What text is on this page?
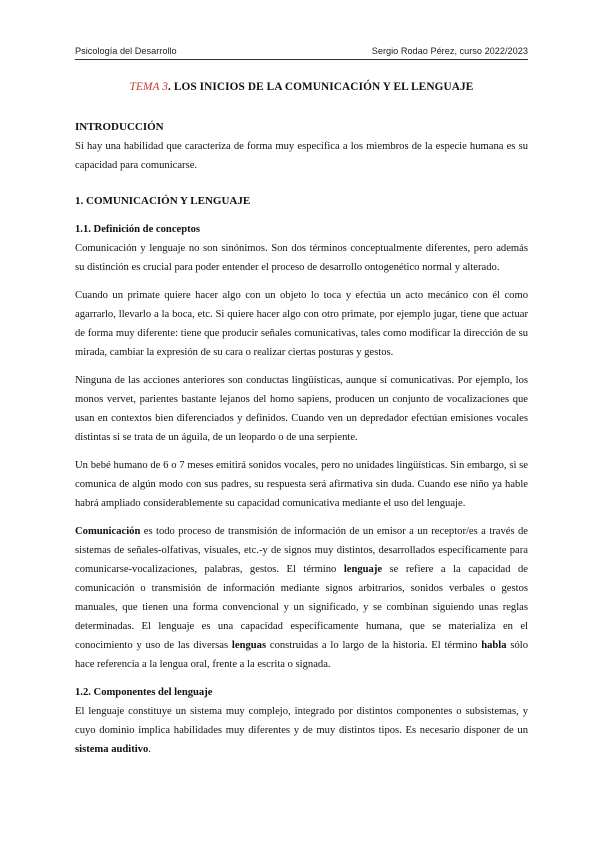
Psicología del Desarrollo	Sergio Rodao Pérez, curso 2022/2023
TEMA 3. LOS INICIOS DE LA COMUNICACIÓN Y EL LENGUAJE
INTRODUCCIÓN

Si hay una habilidad que caracteriza de forma muy específica a los miembros de la especie humana es su capacidad para comunicarse.

1. COMUNICACIÓN Y LENGUAJE
1.1. Definición de conceptos

Comunicación y lenguaje no son sinónimos. Son dos términos conceptualmente diferentes, pero además su distinción es crucial para poder entender el proceso de desarrollo ontogenético normal y alterado.

Cuando un primate quiere hacer algo con un objeto lo toca y efectúa un acto mecánico con él como agarrarlo, llevarlo a la boca, etc. Si quiere hacer algo con otro primate, por ejemplo jugar, tiene que actuar de forma muy diferente: tiene que producir señales comunicativas, tales como modificar la dirección de su mirada, cambiar la expresión de su cara o realizar ciertas posturas y gestos.

Ninguna de las acciones anteriores son conductas lingüísticas, aunque sí comunicativas. Por ejemplo, los monos vervet, parientes bastante lejanos del homo sapiens, producen un conjunto de vocalizaciones que usan en contextos bien diferenciados y definidos. Cuando ven un depredador efectúan emisiones vocales distintas si se trata de un águila, de un leopardo o de una serpiente.

Un bebé humano de 6 o 7 meses emitirá sonidos vocales, pero no unidades lingüísticas. Sin embargo, si se comunica de algún modo con sus padres, su respuesta será afirmativa sin duda. Cuando ese niño ya hable habrá ampliado considerablemente su capacidad comunicativa mediante el uso del lenguaje.

Comunicación es todo proceso de transmisión de información de un emisor a un receptor/es a través de sistemas de señales-olfativas, visuales, etc.-y de signos muy distintos, desarrollados específicamente para comunicarse-vocalizaciones, palabras, gestos. El término lenguaje se refiere a la capacidad de comunicación o transmisión de información mediante signos arbitrarios, sonidos verbales o gestos manuales, que tienen una forma convencional y un significado, y se combinan siguiendo unas reglas determinadas. El lenguaje es una capacidad específicamente humana, que se materializa en el conocimiento y uso de las diversas lenguas construidas a lo largo de la historia. El término habla sólo hace referencia a la lengua oral, frente a la escrita o signada.

1.2. Componentes del lenguaje

El lenguaje constituye un sistema muy complejo, integrado por distintos componentes o subsistemas, y cuyo dominio implica habilidades muy diferentes y de muy distintos tipos. Es necesario disponer de un sistema auditivo.
